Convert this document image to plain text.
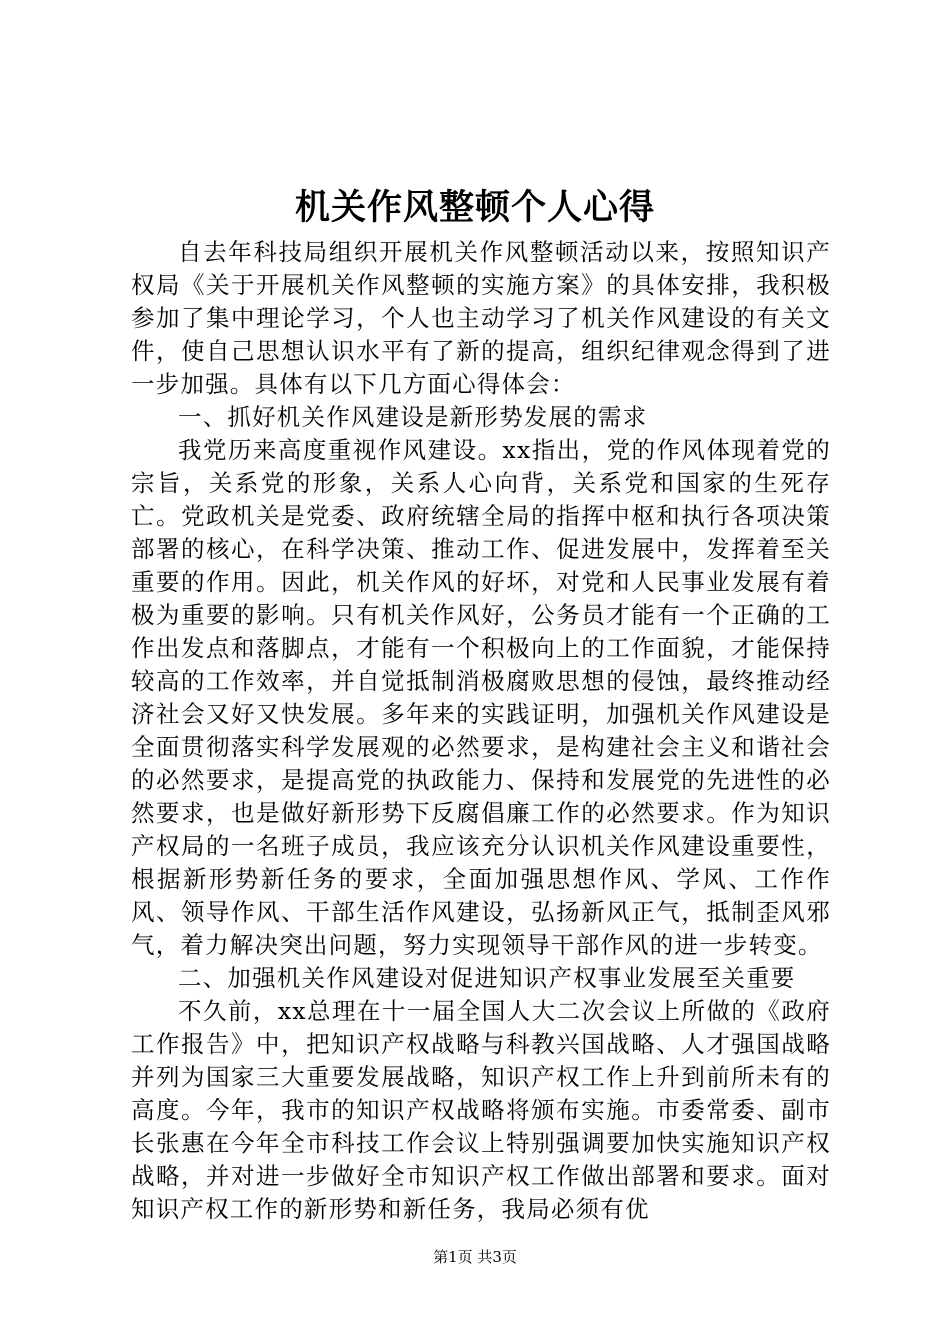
机关作风整顿个人心得

自去年科技局组织开展机关作风整顿活动以来，按照知识产权局《关于开展机关作风整顿的实施方案》的具体安排，我积极参加了集中理论学习，个人也主动学习了机关作风建设的有关文件，使自己思想认识水平有了新的提高，组织纪律观念得到了进一步加强。具体有以下几方面心得体会：

一、抓好机关作风建设是新形势发展的需求

我党历来高度重视作风建设。xx指出，党的作风体现着党的宗旨，关系党的形象，关系人心向背，关系党和国家的生死存亡。党政机关是党委、政府统辖全局的指挥中枢和执行各项决策部署的核心，在科学决策、推动工作、促进发展中，发挥着至关重要的作用。因此，机关作风的好坏，对党和人民事业发展有着极为重要的影响。只有机关作风好，公务员才能有一个正确的工作出发点和落脚点，才能有一个积极向上的工作面貌，才能保持较高的工作效率，并自觉抵制消极腐败思想的侵蚀，最终推动经济社会又好又快发展。多年来的实践证明，加强机关作风建设是全面贯彻落实科学发展观的必然要求，是构建社会主义和谐社会的必然要求，是提高党的执政能力、保持和发展党的先进性的必然要求，也是做好新形势下反腐倡廉工作的必然要求。作为知识产权局的一名班子成员，我应该充分认识机关作风建设重要性，根据新形势新任务的要求，全面加强思想作风、学风、工作作风、领导作风、干部生活作风建设，弘扬新风正气，抵制歪风邪气，着力解决突出问题，努力实现领导干部作风的进一步转变。

二、加强机关作风建设对促进知识产权事业发展至关重要

不久前，xx总理在十一届全国人大二次会议上所做的《政府工作报告》中，把知识产权战略与科教兴国战略、人才强国战略并列为国家三大重要发展战略，知识产权工作上升到前所未有的高度。今年，我市的知识产权战略将颁布实施。市委常委、副市长张惠在今年全市科技工作会议上特别强调要加快实施知识产权战略，并对进一步做好全市知识产权工作做出部署和要求。面对知识产权工作的新形势和新任务，我局必须有优

第1页 共3页
